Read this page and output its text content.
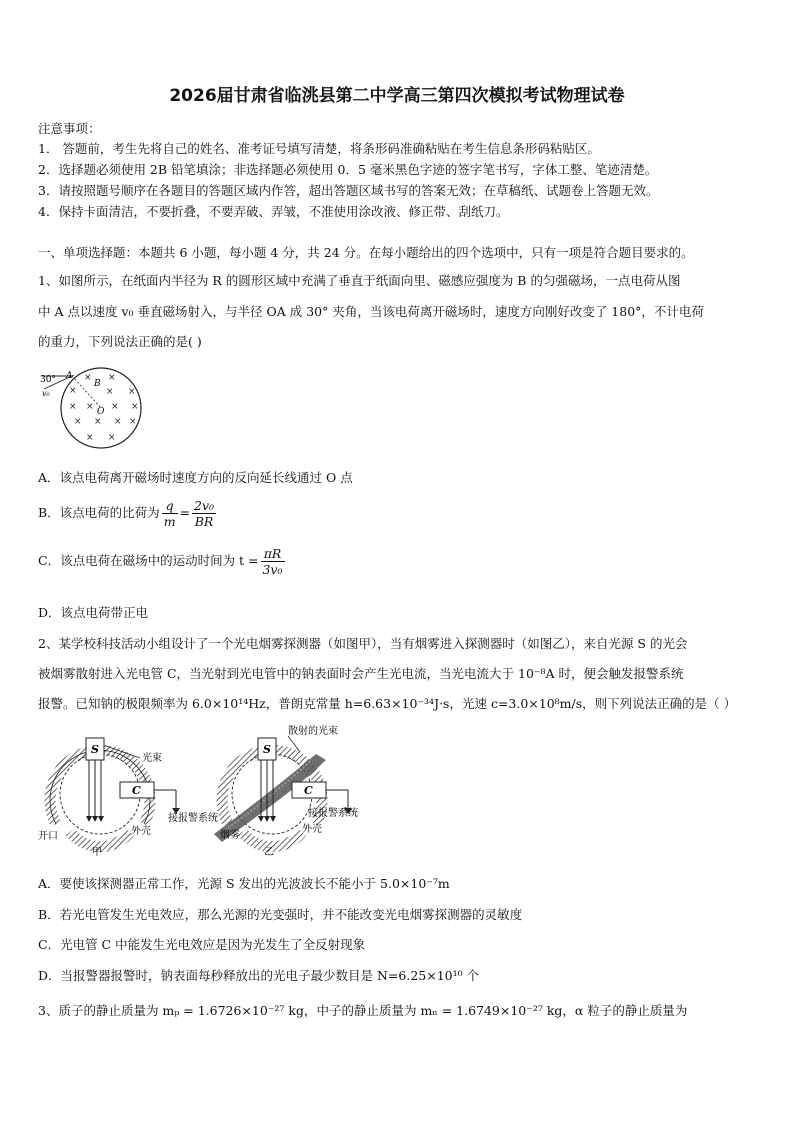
2026届甘肃省临洮县第二中学高三第四次模拟考试物理试卷
注意事项：
1． 答题前，考生先将自己的姓名、准考证号填写清楚，将条形码准确粘贴在考生信息条形码粘贴区。
2．选择题必须使用 2B 铅笔填涂；非选择题必须使用 0．5 毫米黑色字迹的签字笔书写，字体工整、笔迹清楚。
3．请按照题号顺序在各题目的答题区域内作答，超出答题区域书写的答案无效；在草稿纸、试题卷上答题无效。
4．保持卡面清洁，不要折叠，不要弄破、弄皱，不准使用涂改液、修正带、刮纸刀。
一、单项选择题：本题共 6 小题，每小题 4 分，共 24 分。在每小题给出的四个选项中，只有一项是符合题目要求的。
1、如图所示，在纸面内半径为 R 的圆形区域中充满了垂直于纸面向里、磁感应强度为 B 的匀强磁场，一点电荷从图
中 A 点以速度 v₀ 垂直磁场射入，与半径 OA 成 30° 夹角，当该电荷离开磁场时，速度方向刚好改变了 180°，不计电荷
的重力，下列说法正确的是( )
30° A
B
O
v₀
× ×
×	× ×
× × × ×
× × × ×
× ×
A．该点电荷离开磁场时速度方向的反向延长线通过 O 点
B．该点电荷的比荷为 $\frac{q}{m} = \frac{\text{2v₀}}{BR}$
C．该点电荷在磁场中的运动时间为 $t = \frac{\pi R}{\text{3v₀}}$
D．该点电荷带正电
2、某学校科技活动小组设计了一个光电烟雾探测器（如图甲），当有烟雾进入探测器时（如图乙），来自光源 S 的光会
被烟雾散射进入光电管 C，当光射到光电管中的钠表面时会产生光电流，当光电流大于 10⁻⁸A 时，便会触发报警系统
报警。已知钠的极限频率为 6.0×10¹⁴Hz，普朗克常量 h=6.63×10⁻³⁴J·s，光速 c=3.0×10⁸m/s，则下列说法正确的是（ ）
S
C
光束
接报警系统
外壳
开口
甲
S
C
散射的光束
接报警系统
外壳
烟雾
乙
A．要使该探测器正常工作，光源 S 发出的光波波长不能小于 5.0×10⁻⁷m
B．若光电管发生光电效应，那么光源的光变强时，并不能改变光电烟雾探测器的灵敏度
C．光电管 C 中能发生光电效应是因为光发生了全反射现象
D．当报警器报警时，钠表面每秒释放出的光电子最少数目是 N=6.25×10¹⁰ 个
3、质子的静止质量为 mₚ = 1.6726×10⁻²⁷ kg，中子的静止质量为 mₙ = 1.6749×10⁻²⁷ kg，α 粒子的静止质量为
